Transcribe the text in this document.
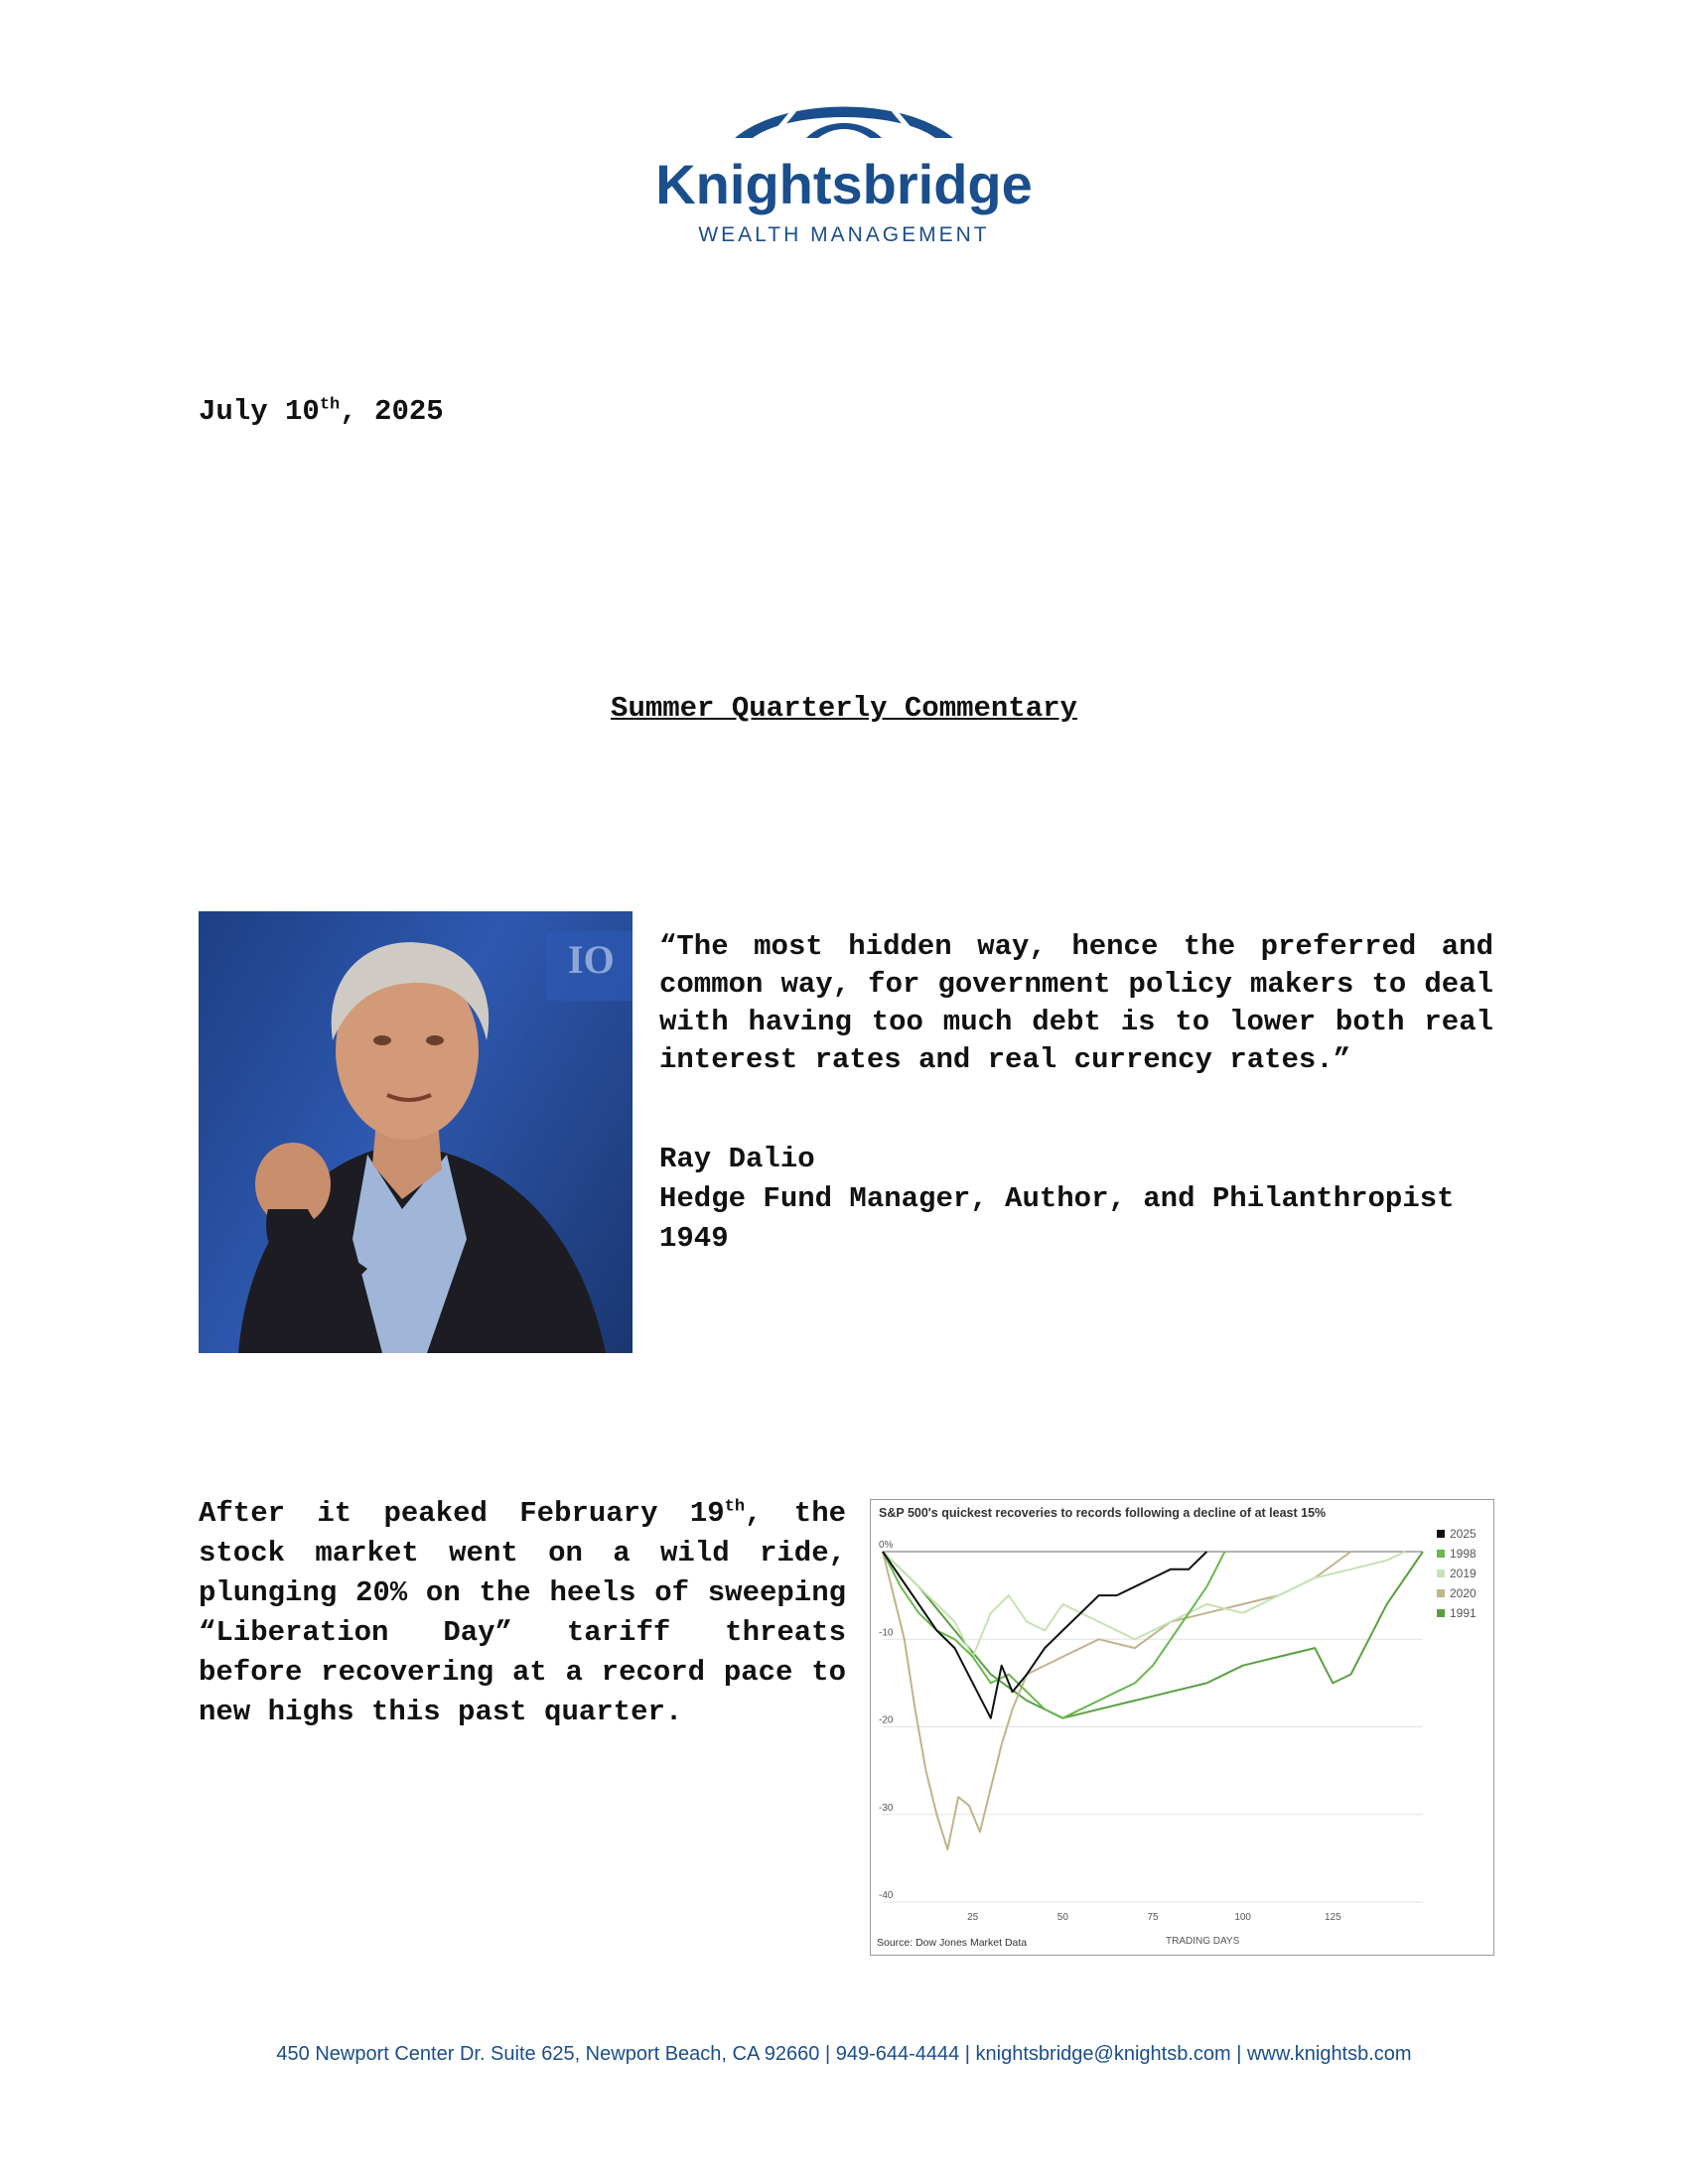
Knightsbridge
WEALTH MANAGEMENT
July 10th, 2025
Summer Quarterly Commentary
IO “The most hidden way, hence the preferred and common way, for government policy makers to deal with having too much debt is to lower both real interest rates and real currency rates.”
Ray Dalio
Hedge Fund Manager, Author, and Philanthropist
1949
After it peaked February 19th, the stock market went on a wild ride, plunging 20% on the heels of sweeping “Liberation Day” tariff threats before recovering at a record pace to new highs this past quarter.
S&P 500's quickest recoveries to records following a decline of at least 15%
0%
-10
-20
-30
-40
25	50	75	100	125
2025
1998
2019
2020
1991
TRADING DAYS
Source: Dow Jones Market Data
450 Newport Center Dr. Suite 625, Newport Beach, CA 92660 | 949-644-4444 | knightsbridge@knightsb.com | www.knightsb.com
